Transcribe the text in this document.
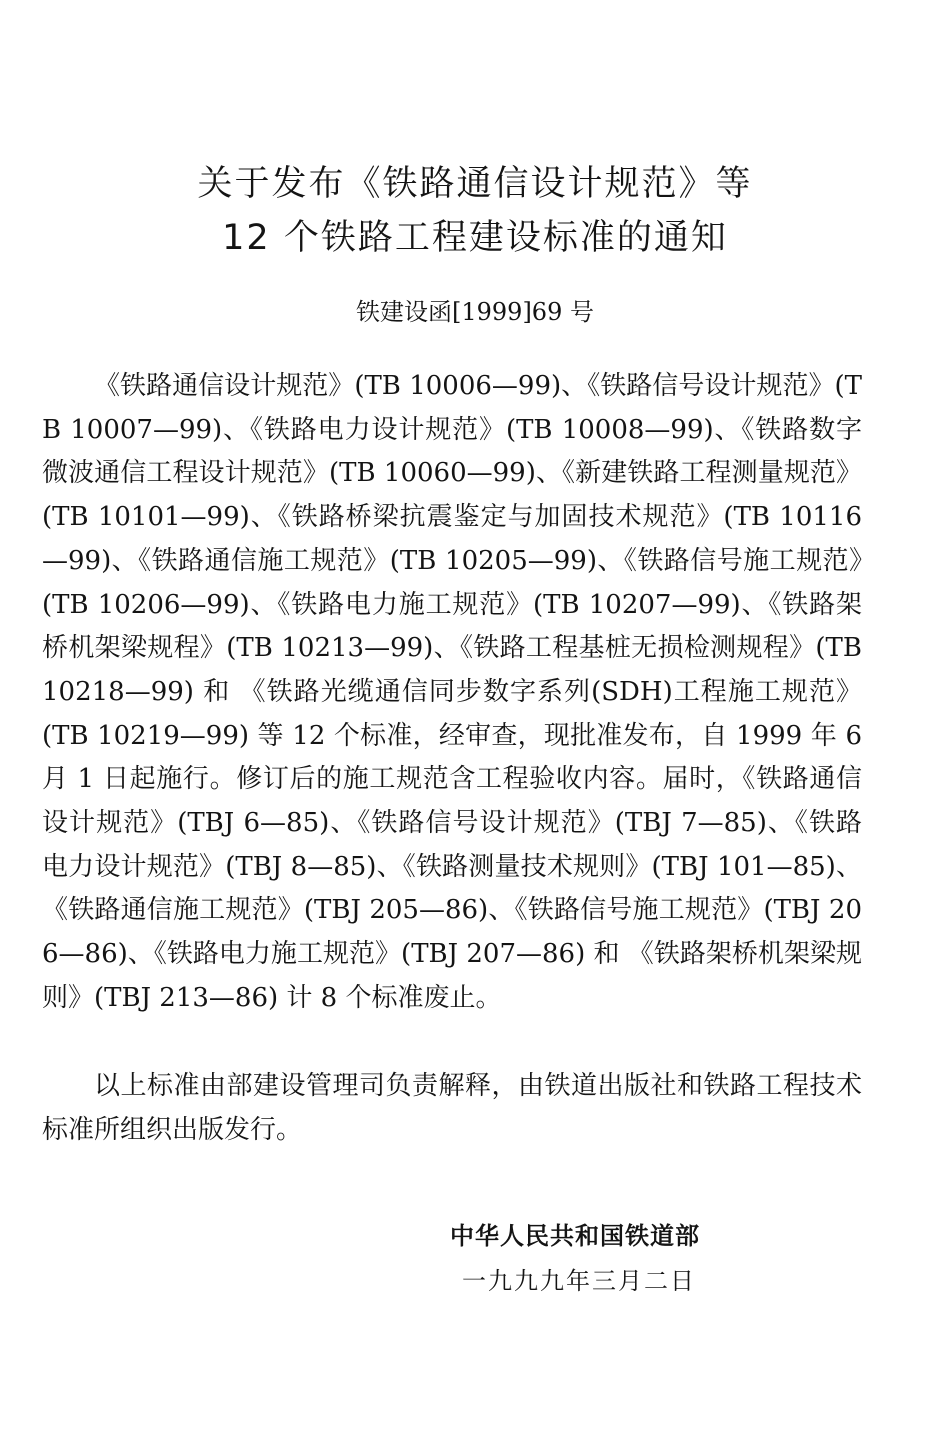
关于发布《铁路通信设计规范》等
12 个铁路工程建设标准的通知
铁建设函[1999]69 号

《铁路通信设计规范》(TB 10006—99)、《铁路信号设计规范》(TB 10007—99)、《铁路电力设计规范》(TB 10008—99)、《铁路数字微波通信工程设计规范》(TB 10060—99)、《新建铁路工程测量规范》(TB 10101—99)、《铁路桥梁抗震鉴定与加固技术规范》(TB 10116—99)、《铁路通信施工规范》(TB 10205—99)、《铁路信号施工规范》(TB 10206—99)、《铁路电力施工规范》(TB 10207—99)、《铁路架桥机架梁规程》(TB 10213—99)、《铁路工程基桩无损检测规程》(TB 10218—99) 和 《铁路光缆通信同步数字系列(SDH)工程施工规范》(TB 10219—99) 等 12 个标准，经审查，现批准发布，自 1999 年 6 月 1 日起施行。修订后的施工规范含工程验收内容。届时，《铁路通信设计规范》(TBJ 6—85)、《铁路信号设计规范》(TBJ 7—85)、《铁路电力设计规范》(TBJ 8—85)、《铁路测量技术规则》(TBJ 101—85)、《铁路通信施工规范》(TBJ 205—86)、《铁路信号施工规范》(TBJ 206—86)、《铁路电力施工规范》(TBJ 207—86) 和 《铁路架桥机架梁规则》(TBJ 213—86) 计 8 个标准废止。

以上标准由部建设管理司负责解释，由铁道出版社和铁路工程技术标准所组织出版发行。

中华人民共和国铁道部
一九九九年三月二日
